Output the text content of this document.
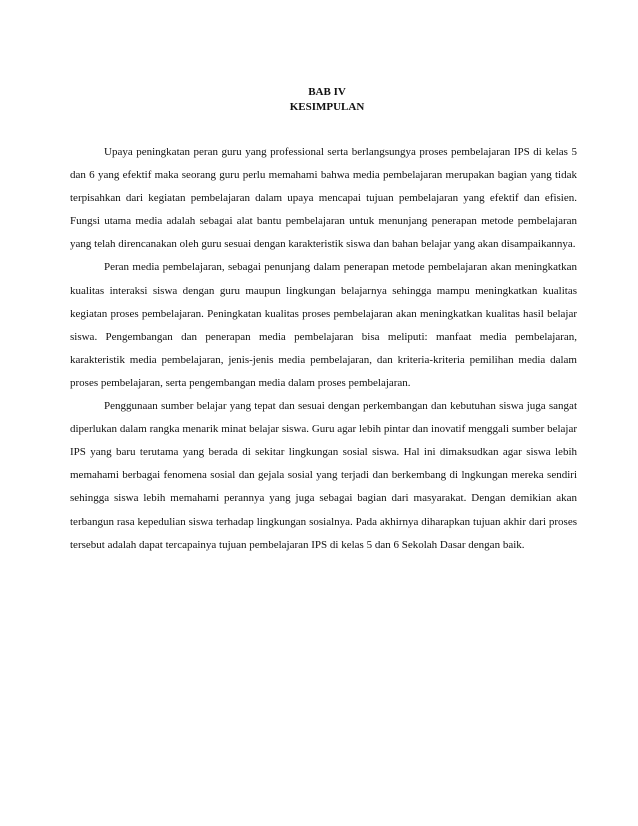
BAB IV
KESIMPULAN

Upaya peningkatan peran guru yang professional serta berlangsungya proses pembelajaran IPS di kelas 5 dan 6 yang efektif maka seorang guru perlu memahami bahwa media pembelajaran merupakan bagian yang tidak terpisahkan dari kegiatan pembelajaran dalam upaya mencapai tujuan pembelajaran yang efektif dan efisien. Fungsi utama media adalah sebagai alat bantu pembelajaran untuk menunjang penerapan metode pembelajaran yang telah direncanakan oleh guru sesuai dengan karakteristik siswa dan bahan belajar yang akan disampaikannya.

Peran media pembelajaran, sebagai penunjang dalam penerapan metode pembelajaran akan meningkatkan kualitas interaksi siswa dengan guru maupun lingkungan belajarnya sehingga mampu meningkatkan kualitas kegiatan proses pembelajaran. Peningkatan kualitas proses pembelajaran akan meningkatkan kualitas hasil belajar siswa. Pengembangan dan penerapan media pembelajaran bisa meliputi: manfaat media pembelajaran, karakteristik media pembelajaran, jenis-jenis media pembelajaran, dan kriteria-kriteria pemilihan media dalam proses pembelajaran, serta pengembangan media dalam proses pembelajaran.

Penggunaan sumber belajar yang tepat dan sesuai dengan perkembangan dan kebutuhan siswa juga sangat diperlukan dalam rangka menarik minat belajar siswa. Guru agar lebih pintar dan inovatif menggali sumber belajar IPS yang baru terutama yang berada di sekitar lingkungan sosial siswa. Hal ini dimaksudkan agar siswa lebih memahami berbagai fenomena sosial dan gejala sosial yang terjadi dan berkembang di lngkungan mereka sendiri sehingga siswa lebih memahami perannya yang juga sebagai bagian dari masyarakat. Dengan demikian akan terbangun rasa kepedulian siswa terhadap lingkungan sosialnya. Pada akhirnya diharapkan tujuan akhir dari proses tersebut adalah dapat tercapainya tujuan pembelajaran IPS di kelas 5 dan 6 Sekolah Dasar dengan baik.
